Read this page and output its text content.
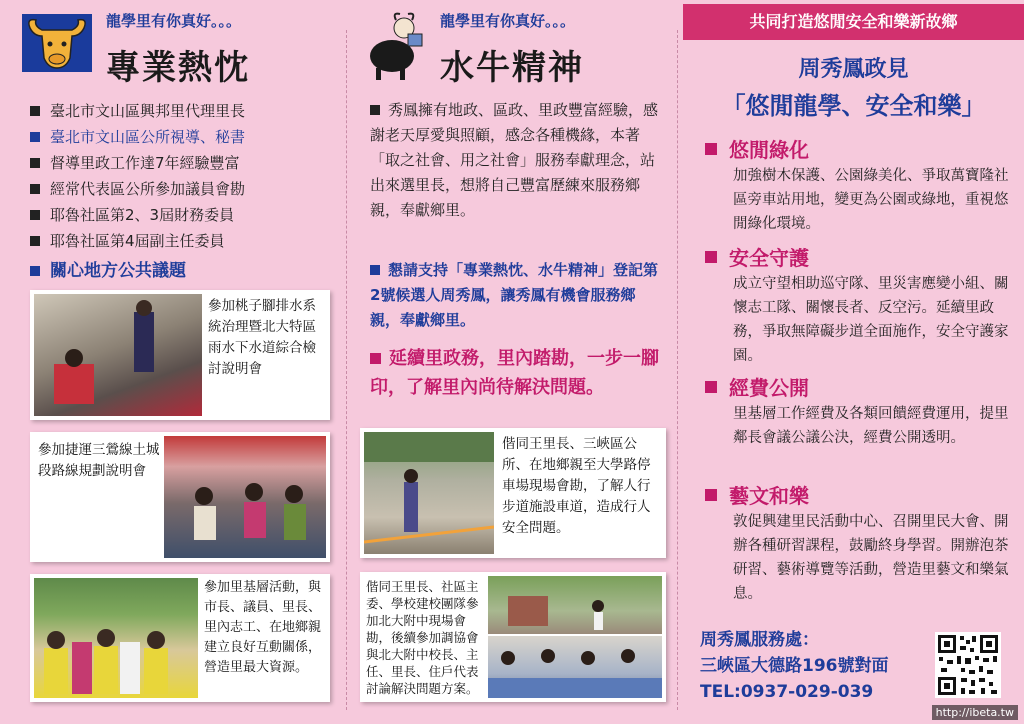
龍學里有你真好。。。
專業熱忱
臺北市文山區興邦里代理里長
臺北市文山區公所視導、秘書
督導里政工作達7年經驗豐富
經常代表區公所參加議員會勘
耶魯社區第2、3屆財務委員
耶魯社區第4屆副主任委員
關心地方公共議題
參加桃子腳排水系統治理暨北大特區雨水下水道綜合檢討說明會
參加捷運三鶯線土城段路線規劃說明會
參加里基層活動，與市長、議員、里長、里內志工、在地鄉親建立良好互動關係，營造里最大資源。
龍學里有你真好。。。
水牛精神
秀鳳擁有地政、區政、里政豐富經驗，感謝老天厚愛與照顧，感念各種機緣，本著「取之社會、用之社會」服務奉獻理念，站出來選里長，想將自己豐富歷練來服務鄉親，奉獻鄉里。
懇請支持「專業熱忱、水牛精神」登記第2號候選人周秀鳳，讓秀鳳有機會服務鄉親，奉獻鄉里。
延續里政務，里內踏勘，一步一腳印，了解里內尚待解決問題。
偕同王里長、三峽區公所、在地鄉親至大學路停車場現場會勘，了解人行步道施設車道，造成行人安全問題。
偕同王里長、社區主委、學校建校團隊參加北大附中現場會勘，後續參加調協會與北大附中校長、主任、里長、住戶代表討論解決問題方案。
共同打造悠閒安全和樂新故鄉
周秀鳳政見
「悠閒龍學、安全和樂」
悠閒綠化
加強樹木保護、公園綠美化、爭取萬寶隆社區旁車站用地，變更為公園或綠地，重視悠閒綠化環境。
安全守護
成立守望相助巡守隊、里災害應變小組、關懷志工隊、關懷長者、反空污。延續里政務，爭取無障礙步道全面施作，安全守護家園。
經費公開
里基層工作經費及各類回饋經費運用，提里鄰長會議公議公決，經費公開透明。
藝文和樂
敦促興建里民活動中心、召開里民大會、開辦各種研習課程，鼓勵終身學習。開辦泡茶研習、藝術導覽等活動，營造里藝文和樂氣息。
周秀鳳服務處：
三峽區大德路196號對面
TEL:0937-029-039
http://ibeta.tw
